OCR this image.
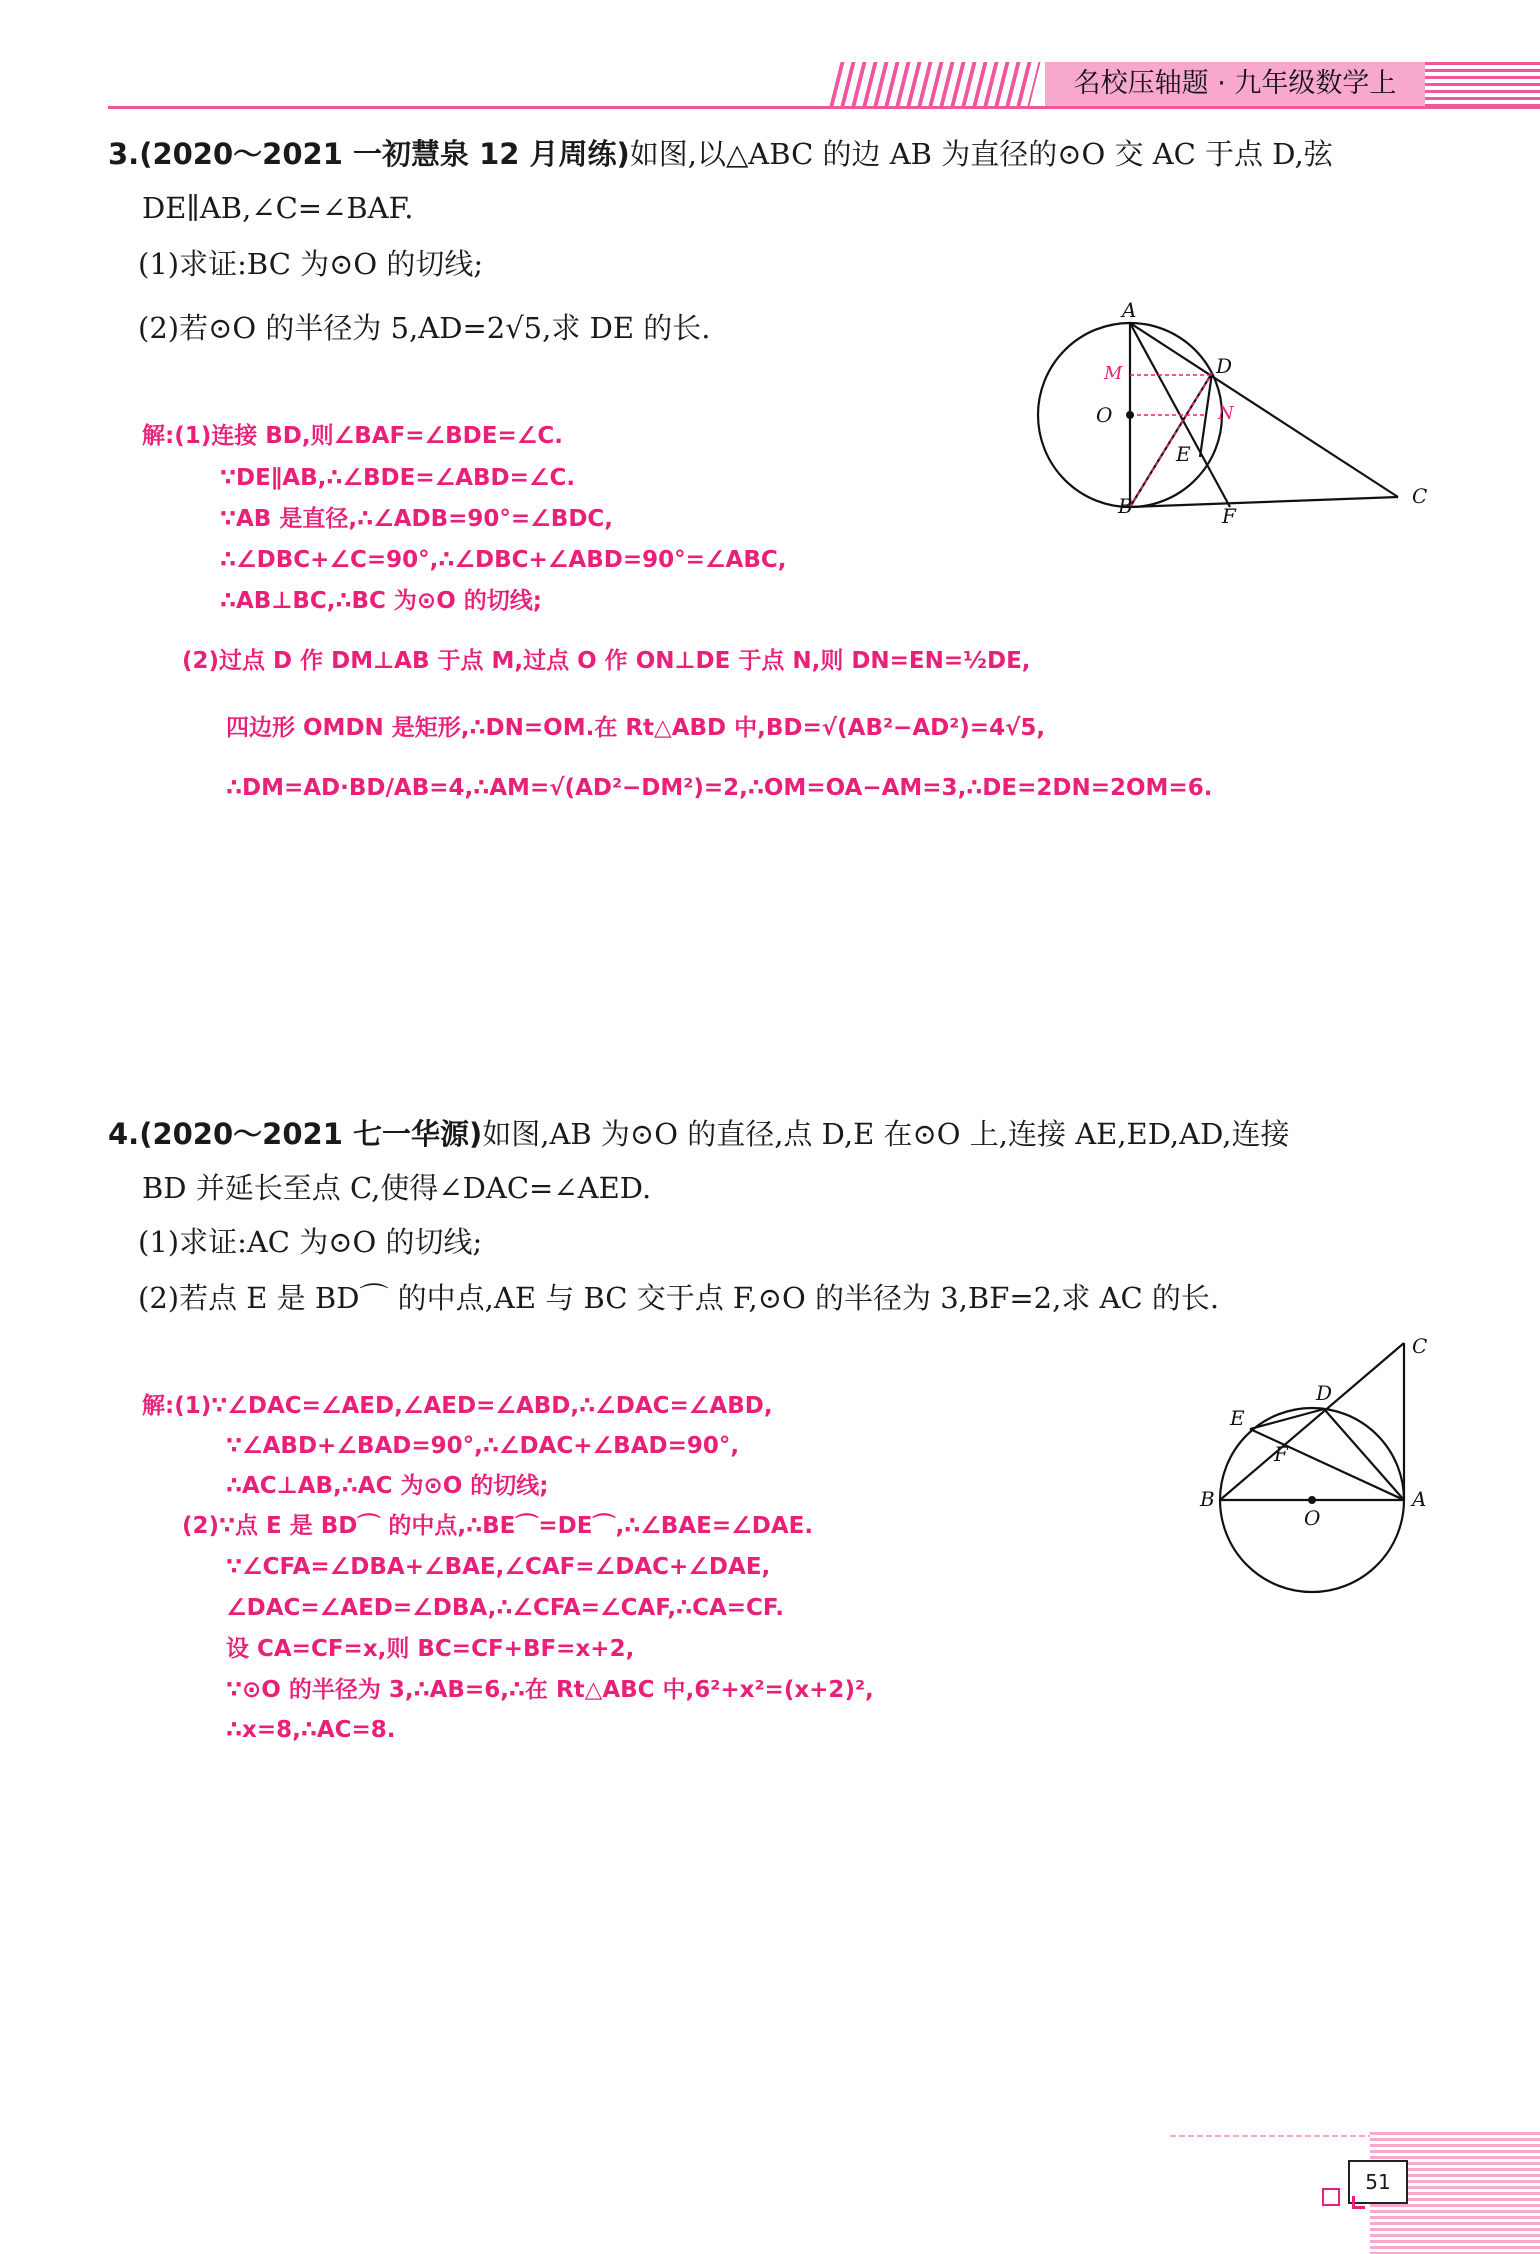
名校压轴题 · 九年级数学上
3.(2020～2021 一初慧泉 12 月周练)如图,以△ABC 的边 AB 为直径的⊙O 交 AC 于点 D,弦
DE∥AB,∠C=∠BAF.
(1)求证:BC 为⊙O 的切线;
(2)若⊙O 的半径为 5,AD=2√5,求 DE 的长.
解:(1)连接 BD,则∠BAF=∠BDE=∠C.
∵DE∥AB,∴∠BDE=∠ABD=∠C.
∵AB 是直径,∴∠ADB=90°=∠BDC,
∴∠DBC+∠C=90°,∴∠DBC+∠ABD=90°=∠ABC,
∴AB⊥BC,∴BC 为⊙O 的切线;
(2)过点 D 作 DM⊥AB 于点 M,过点 O 作 ON⊥DE 于点 N,则 DN=EN=½DE,
四边形 OMDN 是矩形,∴DN=OM.在 Rt△ABD 中,BD=√(AB²−AD²)=4√5,
∴DM=AD·BD/AB=4,∴AM=√(AD²−DM²)=2,∴OM=OA−AM=3,∴DE=2DN=2OM=6.
A
O
B
D
E
F
C
M
N
4.(2020～2021 七一华源)如图,AB 为⊙O 的直径,点 D,E 在⊙O 上,连接 AE,ED,AD,连接
BD 并延长至点 C,使得∠DAC=∠AED.
(1)求证:AC 为⊙O 的切线;
(2)若点 E 是 BD⌒ 的中点,AE 与 BC 交于点 F,⊙O 的半径为 3,BF=2,求 AC 的长.
解:(1)∵∠DAC=∠AED,∠AED=∠ABD,∴∠DAC=∠ABD,
∵∠ABD+∠BAD=90°,∴∠DAC+∠BAD=90°,
∴AC⊥AB,∴AC 为⊙O 的切线;
(2)∵点 E 是 BD⌒ 的中点,∴BE⌒=DE⌒,∴∠BAE=∠DAE.
∵∠CFA=∠DBA+∠BAE,∠CAF=∠DAC+∠DAE,
∠DAC=∠AED=∠DBA,∴∠CFA=∠CAF,∴CA=CF.
设 CA=CF=x,则 BC=CF+BF=x+2,
∵⊙O 的半径为 3,∴AB=6,∴在 Rt△ABC 中,6²+x²=(x+2)²,
∴x=8,∴AC=8.
C
D
E
F
B	A
O
51
